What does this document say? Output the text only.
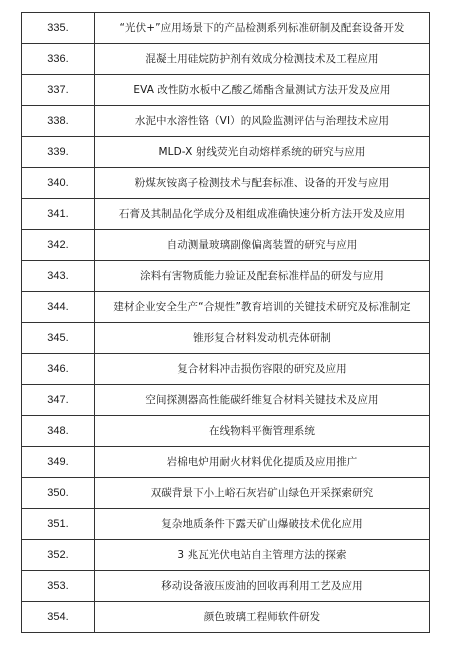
335.	“光伏+”应用场景下的产品检测系列标准研制及配套设备开发
336.	混凝土用硅烷防护剂有效成分检测技术及工程应用
337.	EVA 改性防水板中乙酸乙烯酯含量测试方法开发及应用
338.	水泥中水溶性铬（VI）的风险监测评估与治理技术应用
339.	MLD-X 射线荧光自动熔样系统的研究与应用
340.	粉煤灰铵离子检测技术与配套标准、设备的开发与应用
341.	石膏及其制品化学成分及相组成准确快速分析方法开发及应用
342.	自动测量玻璃副像偏离装置的研究与应用
343.	涂料有害物质能力验证及配套标准样品的研发与应用
344.	建材企业安全生产“合规性”教育培训的关键技术研究及标准制定
345.	锥形复合材料发动机壳体研制
346.	复合材料冲击损伤容限的研究及应用
347.	空间探测器高性能碳纤维复合材料关键技术及应用
348.	在线物料平衡管理系统
349.	岩棉电炉用耐火材料优化提质及应用推广
350.	双碳背景下小上峪石灰岩矿山绿色开采探索研究
351.	复杂地质条件下露天矿山爆破技术优化应用
352.	3 兆瓦光伏电站自主管理方法的探索
353.	移动设备液压废油的回收再利用工艺及应用
354.	颜色玻璃工程师软件研发
